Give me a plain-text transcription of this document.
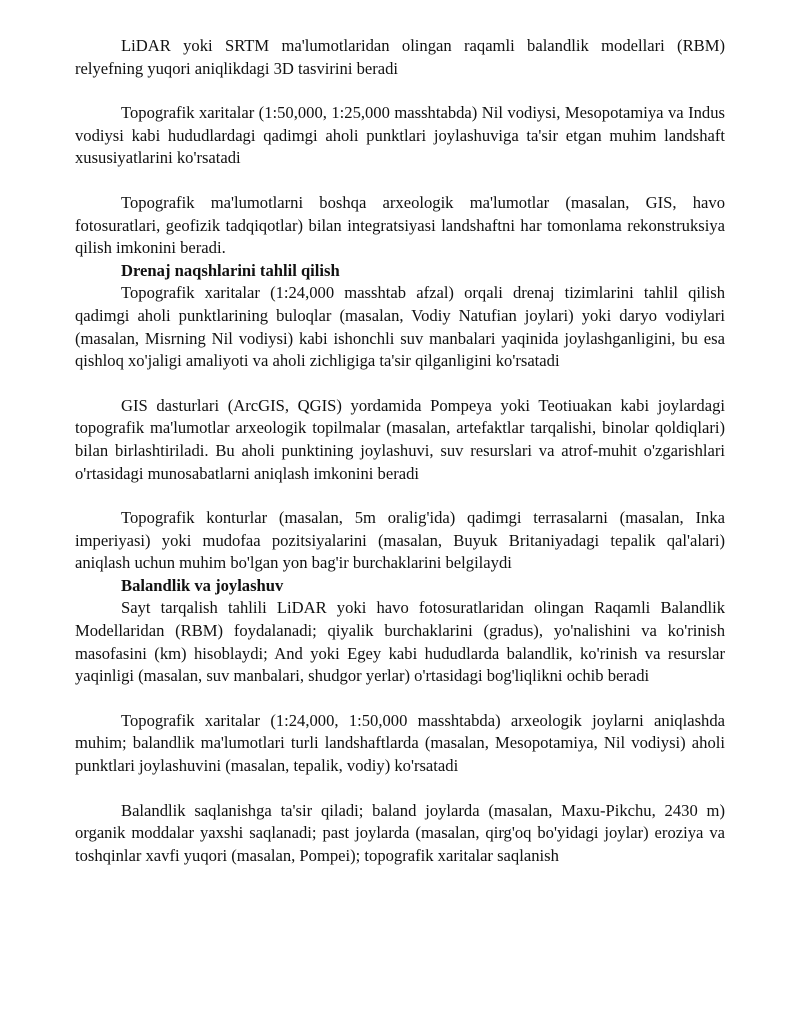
LiDAR yoki SRTM ma'lumotlaridan olingan raqamli balandlik modellari (RBM) relyefning yuqori aniqlikdagi 3D tasvirini beradi

Topografik xaritalar (1:50,000, 1:25,000 masshtabda) Nil vodiysi, Mesopotamiya va Indus vodiysi kabi hududlardagi qadimgi aholi punktlari joylashuviga ta'sir etgan muhim landshaft xususiyatlarini ko'rsatadi

Topografik ma'lumotlarni boshqa arxeologik ma'lumotlar (masalan, GIS, havo fotosuratlari, geofizik tadqiqotlar) bilan integratsiyasi landshaftni har tomonlama rekonstruksiya qilish imkonini beradi.

Drenaj naqshlarini tahlil qilish

Topografik xaritalar (1:24,000 masshtab afzal) orqali drenaj tizimlarini tahlil qilish qadimgi aholi punktlarining buloqlar (masalan, Vodiy Natufian joylari) yoki daryo vodiylari (masalan, Misrning Nil vodiysi) kabi ishonchli suv manbalari yaqinida joylashganligini, bu esa qishloq xo'jaligi amaliyoti va aholi zichligiga ta'sir qilganligini ko'rsatadi

GIS dasturlari (ArcGIS, QGIS) yordamida Pompeya yoki Teotiuakan kabi joylardagi topografik ma'lumotlar arxeologik topilmalar (masalan, artefaktlar tarqalishi, binolar qoldiqlari) bilan birlashtiriladi. Bu aholi punktining joylashuvi, suv resurslari va atrof-muhit o'zgarishlari o'rtasidagi munosabatlarni aniqlash imkonini beradi

Topografik konturlar (masalan, 5m oralig'ida) qadimgi terrasalarni (masalan, Inka imperiyasi) yoki mudofaa pozitsiyalarini (masalan, Buyuk Britaniyadagi tepalik qal'alari) aniqlash uchun muhim bo'lgan yon bag'ir burchaklarini belgilaydi

Balandlik va joylashuv

Sayt tarqalish tahlili LiDAR yoki havo fotosuratlaridan olingan Raqamli Balandlik Modellaridan (RBM) foydalanadi; qiyalik burchaklarini (gradus), yo'nalishini va ko'rinish masofasini (km) hisoblaydi; And yoki Egey kabi hududlarda balandlik, ko'rinish va resurslar yaqinligi (masalan, suv manbalari, shudgor yerlar) o'rtasidagi bog'liqlikni ochib beradi

Topografik xaritalar (1:24,000, 1:50,000 masshtabda) arxeologik joylarni aniqlashda muhim; balandlik ma'lumotlari turli landshaftlarda (masalan, Mesopotamiya, Nil vodiysi) aholi punktlari joylashuvini (masalan, tepalik, vodiy) ko'rsatadi

Balandlik saqlanishga ta'sir qiladi; baland joylarda (masalan, Maxu-Pikchu, 2430 m) organik moddalar yaxshi saqlanadi; past joylarda (masalan, qirg'oq bo'yidagi joylar) eroziya va toshqinlar xavfi yuqori (masalan, Pompei); topografik xaritalar saqlanish
